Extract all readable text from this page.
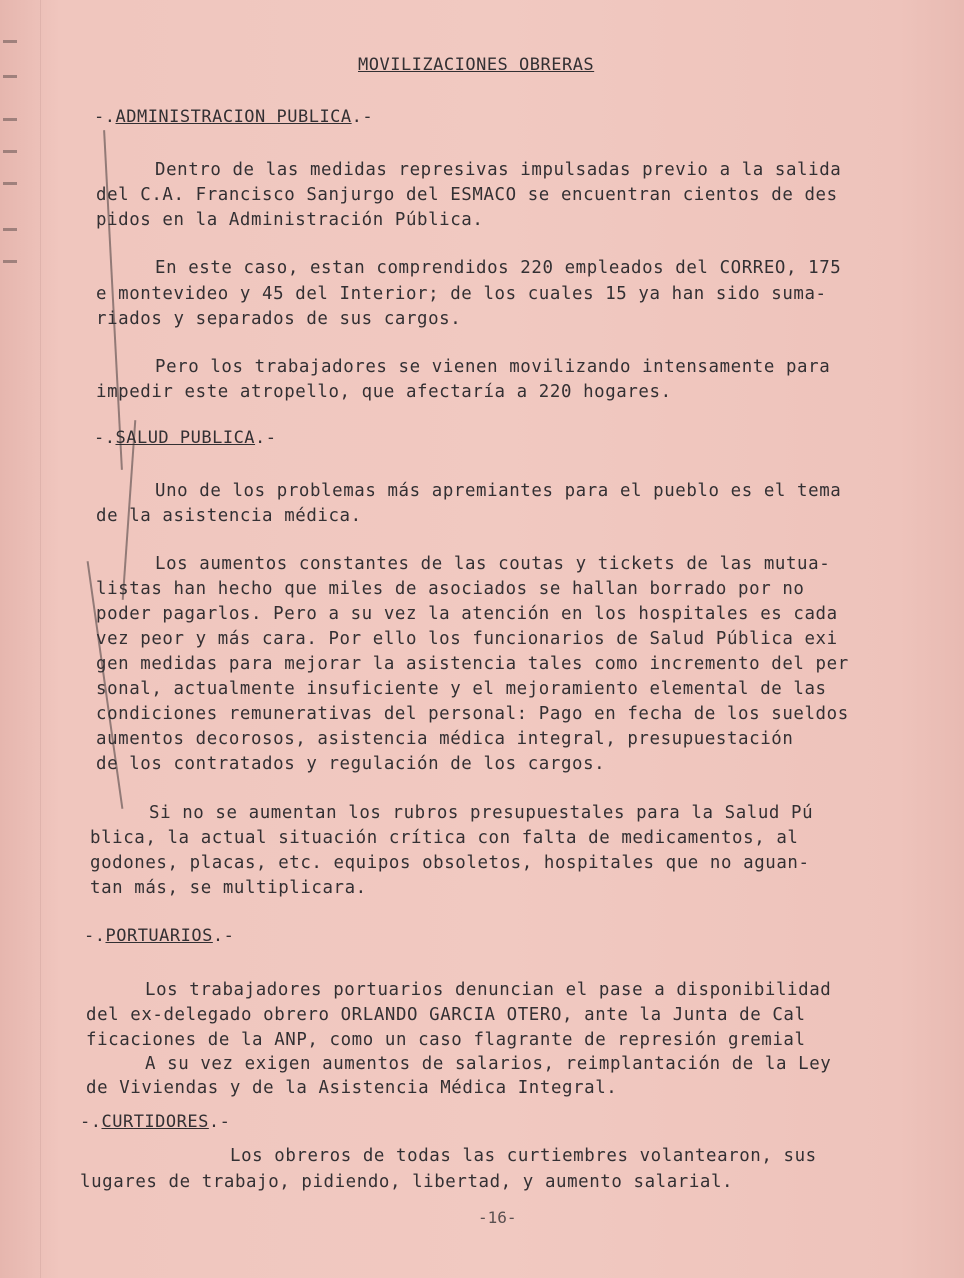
MOVILIZACIONES OBRERAS
-.ADMINISTRACION PUBLICA.-
Dentro de las medidas represivas impulsadas previo a la salida
del C.A. Francisco Sanjurgo del ESMACO se encuentran cientos de des
pidos en la Administración Pública.
En este caso, estan comprendidos 220 empleados del CORREO, 175
e montevideo y 45 del Interior; de los cuales 15 ya han sido suma-
riados y separados de sus cargos.
Pero los trabajadores se vienen movilizando intensamente para
impedir este atropello, que afectaría a 220 hogares.
-.SALUD PUBLICA.-
Uno de los problemas más apremiantes para el pueblo es el tema
de la asistencia médica.
Los aumentos constantes de las coutas y tickets de las mutua-
listas han hecho que miles de asociados se hallan borrado por no
poder pagarlos. Pero a su vez la atención en los hospitales es cada
vez peor y más cara. Por ello los funcionarios de Salud Pública exi
gen medidas para mejorar la asistencia tales como incremento del per
sonal, actualmente insuficiente y el mejoramiento elemental de las
condiciones remunerativas del personal: Pago en fecha de los sueldos
aumentos decorosos, asistencia médica integral, presupuestación
de los contratados y regulación de los cargos.
Si no se aumentan los rubros presupuestales para la Salud Pú
blica, la actual situación crítica con falta de medicamentos, al
godones, placas, etc. equipos obsoletos, hospitales que no aguan-
tan más, se multiplicara.
-.PORTUARIOS.-
Los trabajadores portuarios denuncian el pase a disponibilidad
del ex-delegado obrero ORLANDO GARCIA OTERO, ante la Junta de Cal
ficaciones de la ANP, como un caso flagrante de represión gremial
A su vez exigen aumentos de salarios, reimplantación de la Ley
de Viviendas y de la Asistencia Médica Integral.
-.CURTIDORES.-
Los obreros de todas las curtiembres volantearon, sus
lugares de trabajo, pidiendo, libertad, y aumento salarial.
-16-
